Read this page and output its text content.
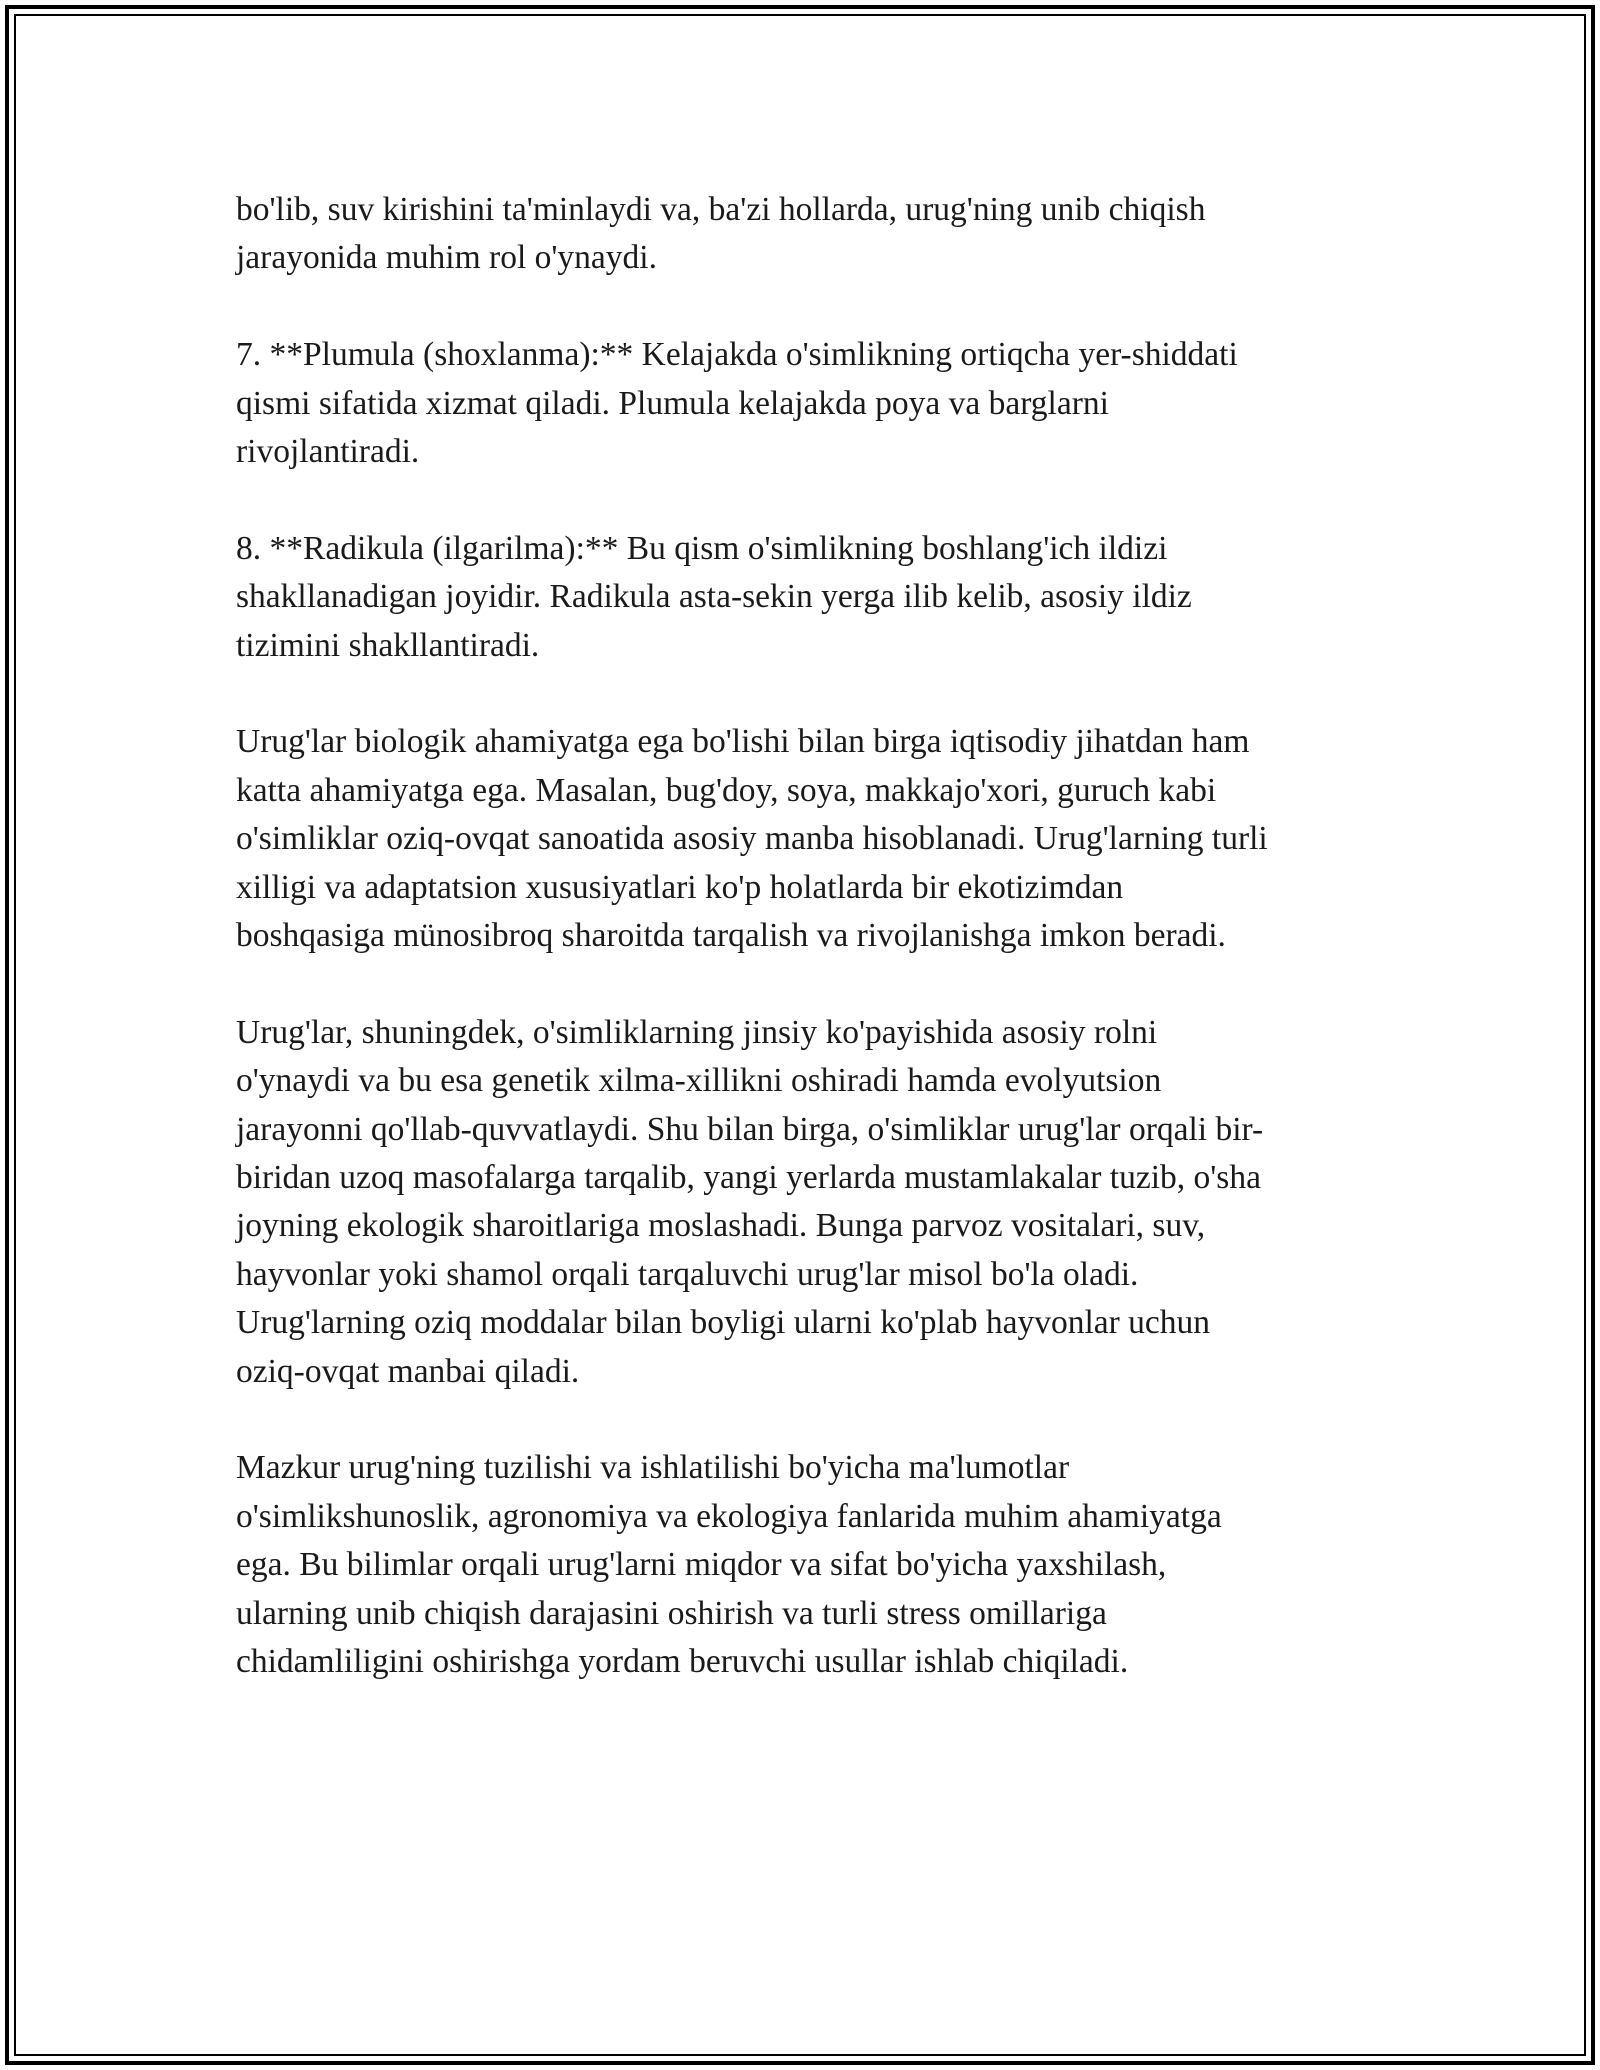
bo'lib, suv kirishini ta'minlaydi va, ba'zi hollarda, urug'ning unib chiqish
jarayonida muhim rol o'ynaydi.

7. **Plumula (shoxlanma):** Kelajakda o'simlikning ortiqcha yer-shiddati
qismi sifatida xizmat qiladi. Plumula kelajakda poya va barglarni
rivojlantiradi.

8. **Radikula (ilgarilma):** Bu qism o'simlikning boshlang'ich ildizi
shakllanadigan joyidir. Radikula asta-sekin yerga ilib kelib, asosiy ildiz
tizimini shakllantiradi.

Urug'lar biologik ahamiyatga ega bo'lishi bilan birga iqtisodiy jihatdan ham
katta ahamiyatga ega. Masalan, bug'doy, soya, makkajo'xori, guruch kabi
o'simliklar oziq-ovqat sanoatida asosiy manba hisoblanadi. Urug'larning turli
xilligi va adaptatsion xususiyatlari ko'p holatlarda bir ekotizimdan
boshqasiga münosibroq sharoitda tarqalish va rivojlanishga imkon beradi.

Urug'lar, shuningdek, o'simliklarning jinsiy ko'payishida asosiy rolni
o'ynaydi va bu esa genetik xilma-xillikni oshiradi hamda evolyutsion
jarayonni qo'llab-quvvatlaydi. Shu bilan birga, o'simliklar urug'lar orqali bir-
biridan uzoq masofalarga tarqalib, yangi yerlarda mustamlakalar tuzib, o'sha
joyning ekologik sharoitlariga moslashadi. Bunga parvoz vositalari, suv,
hayvonlar yoki shamol orqali tarqaluvchi urug'lar misol bo'la oladi.
Urug'larning oziq moddalar bilan boyligi ularni ko'plab hayvonlar uchun
oziq-ovqat manbai qiladi.

Mazkur urug'ning tuzilishi va ishlatilishi bo'yicha ma'lumotlar
o'simlikshunoslik, agronomiya va ekologiya fanlarida muhim ahamiyatga
ega. Bu bilimlar orqali urug'larni miqdor va sifat bo'yicha yaxshilash,
ularning unib chiqish darajasini oshirish va turli stress omillariga
chidamliligini oshirishga yordam beruvchi usullar ishlab chiqiladi.
